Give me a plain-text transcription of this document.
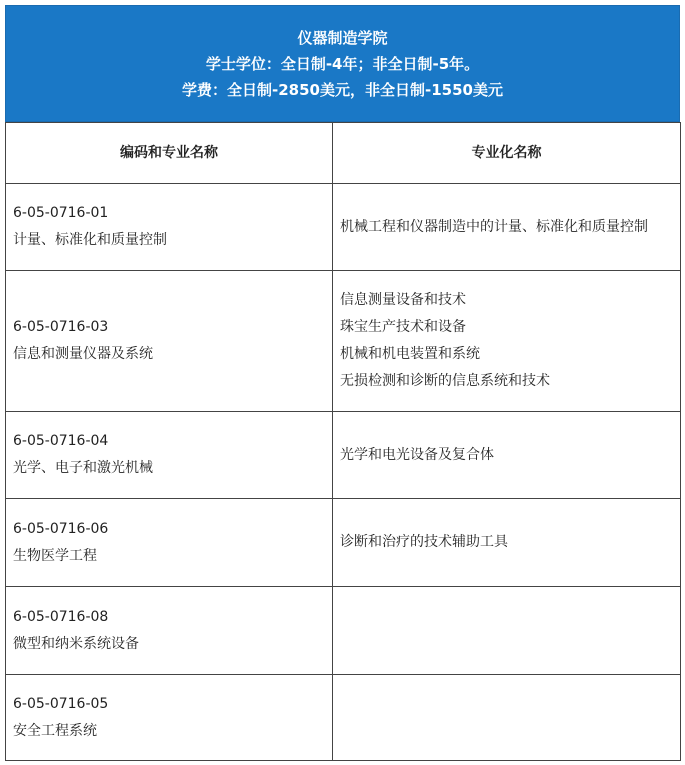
仪器制造学院
学士学位：全日制-4年；非全日制-5年。
学费：全日制-2850美元，非全日制-1550美元
编码和专业名称	专业化名称

6-05-0716-01
计量、标准化和质量控制	机械工程和仪器制造中的计量、标准化和质量控制

6-05-0716-03
信息和测量仪器及系统	信息测量设备和技术
珠宝生产技术和设备
机械和机电装置和系统
无损检测和诊断的信息系统和技术

6-05-0716-04
光学、电子和激光机械	光学和电光设备及复合体

6-05-0716-06
生物医学工程	诊断和治疗的技术辅助工具

6-05-0716-08
微型和纳米系统设备	

6-05-0716-05
安全工程系统	
